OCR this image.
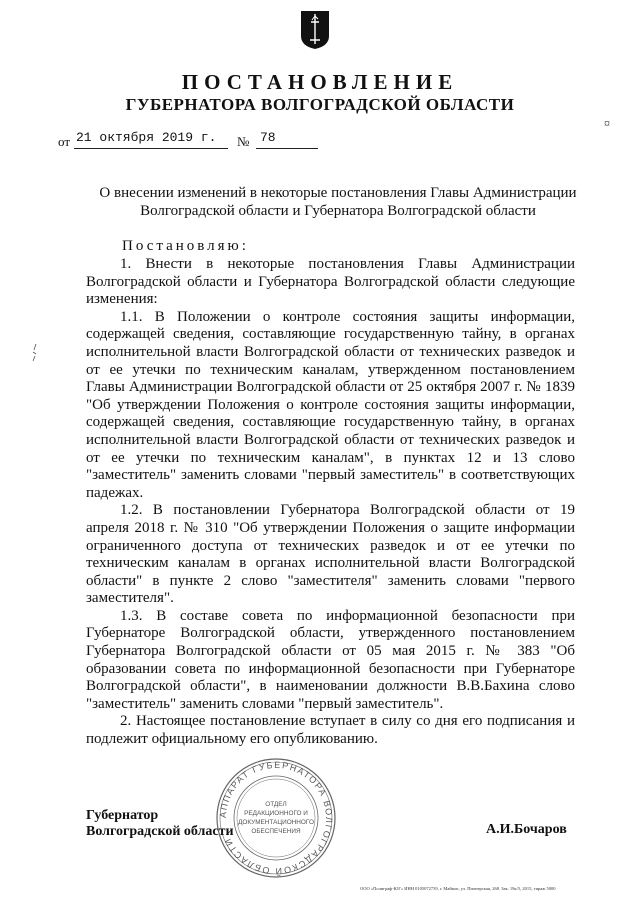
ПОСТАНОВЛЕНИЕ
ГУБЕРНАТОРА ВОЛГОГРАДСКОЙ ОБЛАСТИ
¤
от 21 октября 2019 г. № 78
О внесении изменений в некоторые постановления Главы Администрации Волгоградской области и Губернатора Волгоградской области
Постановляю:

1. Внести в некоторые постановления Главы Администрации Волгоградской области и Губернатора Волгоградской области следующие изменения:

1.1. В Положении о контроле состояния защиты информации, содержащей сведения, составляющие государственную тайну, в органах исполнительной власти Волгоградской области от технических разведок и от ее утечки по техническим каналам, утвержденном постановлением Главы Администрации Волгоградской области от 25 октября 2007 г. № 1839 "Об утверждении Положения о контроле состояния защиты информации, содержащей сведения, составляющие государственную тайну, в органах исполнительной власти Волгоградской области от технических разведок и от ее утечки по техническим каналам", в пунктах 12 и 13 слово "заместитель" заменить словами "первый заместитель" в соответствующих падежах.

1.2. В постановлении Губернатора Волгоградской области от 19 апреля 2018 г. № 310 "Об утверждении Положения о защите информации ограниченного доступа от технических разведок и от ее утечки по техническим каналам в органах исполнительной власти Волгоградской области" в пункте 2 слово "заместителя" заменить словами "первого заместителя".

1.3. В составе совета по информационной безопасности при Губернаторе Волгоградской области, утвержденного постановлением Губернатора Волгоградской области от 05 мая 2015 г. № 383 "Об образовании совета по информационной безопасности при Губернаторе Волгоградской области", в наименовании должности В.В.Бахина слово "заместитель" заменить словами "первый заместитель".

2. Настоящее постановление вступает в силу со дня его подписания и подлежит официальному его опубликованию.

Губернатор
Волгоградской области	А.И.Бочаров
АППАРАТ ГУБЕРНАТОРА ВОЛГОГРАДСКОЙ ОБЛАСТИ
ОТДЕЛ
РЕДАКЦИОННОГО И
ДОКУМЕНТАЦИОННОГО
ОБЕСПЕЧЕНИЯ
ООО «Полиграф-ЮГ» ИНН 0105072739, г. Майкоп, ул. Пионерская, 268. Зак. 19к/5, 2015, тираж 5000
